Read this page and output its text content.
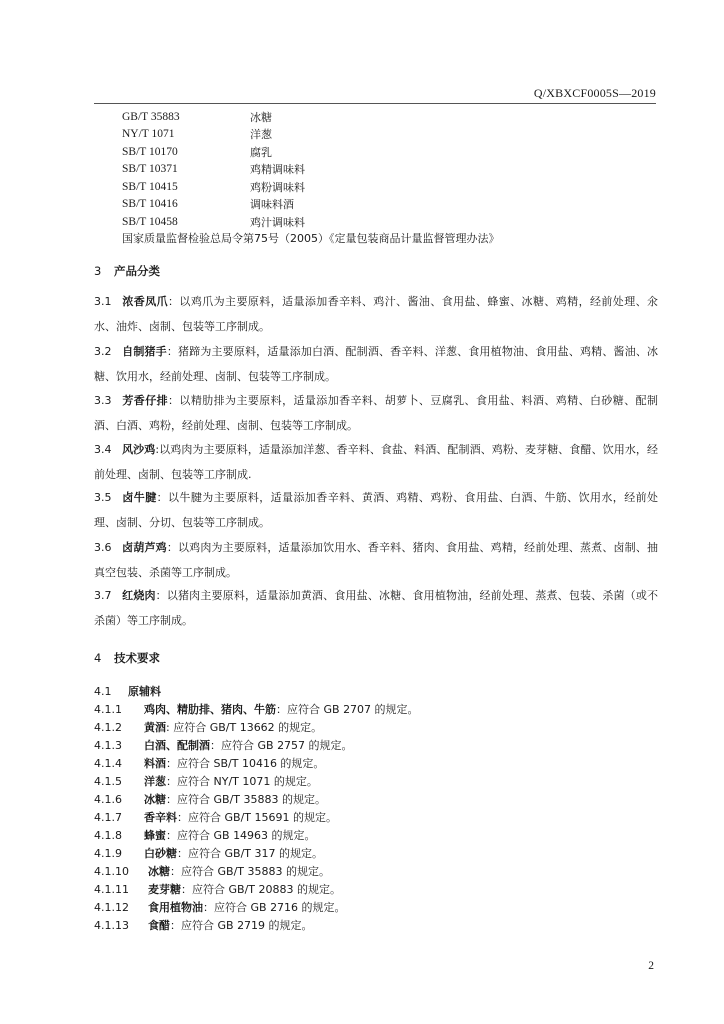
Q/XBXCF0005S—2019
GB/T 35883	冰糖
NY/T 1071	洋葱
SB/T 10170	腐乳
SB/T 10371	鸡精调味料
SB/T 10415	鸡粉调味料
SB/T 10416	调味料酒
SB/T 10458	鸡汁调味料
国家质量监督检验总局令第75号（2005）《定量包装商品计量监督管理办法》
3 产品分类
3.1 浓香凤爪：以鸡爪为主要原料，适量添加香辛料、鸡汁、酱油、食用盐、蜂蜜、冰糖、鸡精，经前处理、氽水、油炸、卤制、包装等工序制成。
3.2 自制猪手：猪蹄为主要原料，适量添加白酒、配制酒、香辛料、洋葱、食用植物油、食用盐、鸡精、酱油、冰糖、饮用水，经前处理、卤制、包装等工序制成。
3.3 芳香仔排：以精肋排为主要原料，适量添加香辛料、胡萝卜、豆腐乳、食用盐、料酒、鸡精、白砂糖、配制酒、白酒、鸡粉，经前处理、卤制、包装等工序制成。
3.4 风沙鸡:以鸡肉为主要原料，适量添加洋葱、香辛料、食盐、料酒、配制酒、鸡粉、麦芽糖、食醋、饮用水，经前处理、卤制、包装等工序制成.
3.5 卤牛腱：以牛腱为主要原料，适量添加香辛料、黄酒、鸡精、鸡粉、食用盐、白酒、牛筋、饮用水，经前处理、卤制、分切、包装等工序制成。
3.6 卤葫芦鸡：以鸡肉为主要原料，适量添加饮用水、香辛料、猪肉、食用盐、鸡精，经前处理、蒸煮、卤制、抽真空包装、杀菌等工序制成。
3.7 红烧肉：以猪肉主要原料，适量添加黄酒、食用盐、冰糖、食用植物油，经前处理、蒸煮、包装、杀菌（或不杀菌）等工序制成。
4 技术要求
4.1 原辅料
4.1.1 鸡肉、精肋排、猪肉、牛筋：应符合 GB 2707 的规定。
4.1.2 黄酒: 应符合 GB/T 13662 的规定。
4.1.3 白酒、配制酒：应符合 GB 2757 的规定。
4.1.4 料酒：应符合 SB/T 10416 的规定。
4.1.5 洋葱：应符合 NY/T 1071 的规定。
4.1.6 冰糖：应符合 GB/T 35883 的规定。
4.1.7 香辛料：应符合 GB/T 15691 的规定。
4.1.8 蜂蜜：应符合 GB 14963 的规定。
4.1.9 白砂糖：应符合 GB/T 317 的规定。
4.1.10 冰糖：应符合 GB/T 35883 的规定。
4.1.11 麦芽糖：应符合 GB/T 20883 的规定。
4.1.12 食用植物油：应符合 GB 2716 的规定。
4.1.13 食醋：应符合 GB 2719 的规定。
2
